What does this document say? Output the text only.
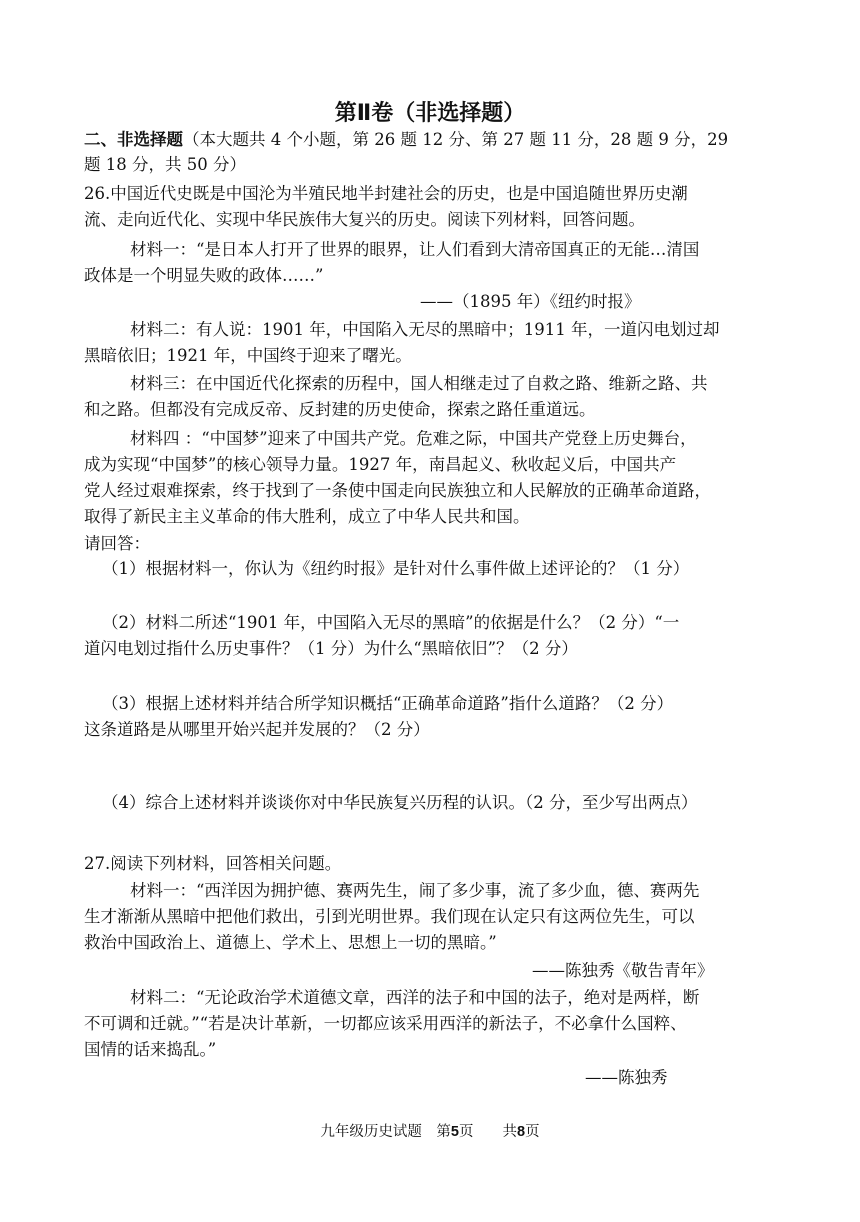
第Ⅱ卷（非选择题）
二、非选择题（本大题共 4 个小题，第 26 题 12 分、第 27 题 11 分，28 题 9 分，29
题 18 分，共 50 分）
26.中国近代史既是中国沦为半殖民地半封建社会的历史，也是中国追随世界历史潮
流、走向近代化、实现中华民族伟大复兴的历史。阅读下列材料，回答问题。
材料一：“是日本人打开了世界的眼界，让人们看到大清帝国真正的无能…清国
政体是一个明显失败的政体……”
——（1895 年）《纽约时报》
材料二：有人说：1901 年，中国陷入无尽的黑暗中；1911 年，一道闪电划过却
黑暗依旧；1921 年，中国终于迎来了曙光。
材料三：在中国近代化探索的历程中，国人相继走过了自救之路、维新之路、共
和之路。但都没有完成反帝、反封建的历史使命，探索之路任重道远。
材料四 ：“中国梦”迎来了中国共产党。危难之际，中国共产党登上历史舞台，
成为实现“中国梦”的核心领导力量。1927 年，南昌起义、秋收起义后，中国共产
党人经过艰难探索，终于找到了一条使中国走向民族独立和人民解放的正确革命道路，
取得了新民主主义革命的伟大胜利，成立了中华人民共和国。
请回答：
（1）根据材料一，你认为《纽约时报》是针对什么事件做上述评论的？（1 分）
（2）材料二所述“1901 年，中国陷入无尽的黑暗”的依据是什么？（2 分）“一
道闪电划过指什么历史事件？（1 分）为什么“黑暗依旧”？（2 分）
（3）根据上述材料并结合所学知识概括“正确革命道路”指什么道路？（2 分）
这条道路是从哪里开始兴起并发展的？（2 分）
（4）综合上述材料并谈谈你对中华民族复兴历程的认识。（2 分，至少写出两点）
27.阅读下列材料，回答相关问题。
材料一：“西洋因为拥护德、赛两先生，闹了多少事，流了多少血，德、赛两先
生才渐渐从黑暗中把他们救出，引到光明世界。我们现在认定只有这两位先生，可以
救治中国政治上、道德上、学术上、思想上一切的黑暗。”
——陈独秀《敬告青年》
材料二：“无论政治学术道德文章，西洋的法子和中国的法子，绝对是两样，断
不可调和迁就。”“若是决计革新，一切都应该采用西洋的新法子，不必拿什么国粹、
国情的话来捣乱。”
——陈独秀
九年级历史试题　第5页　　共8页
